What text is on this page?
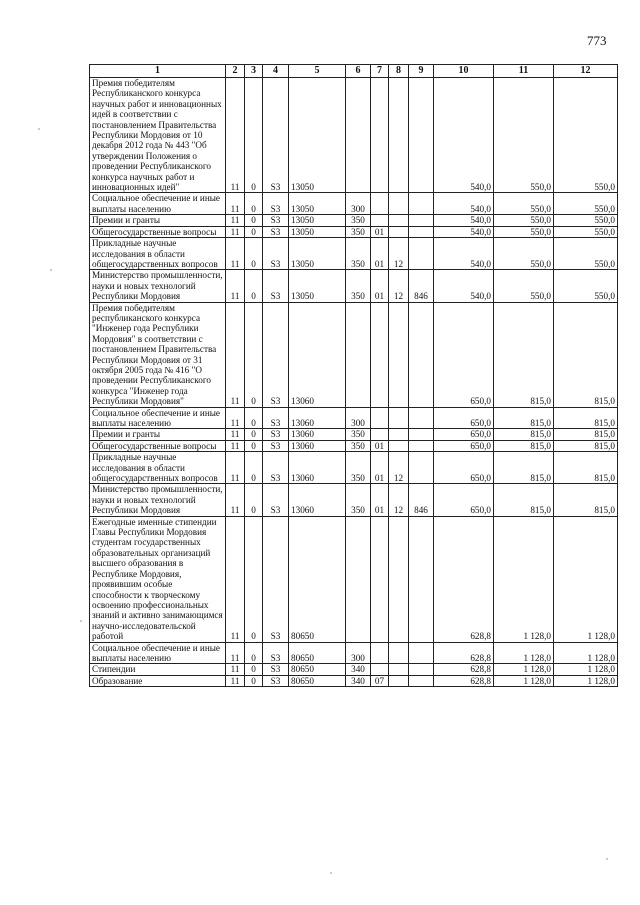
773
1	2	3	4	5	6	7	8	9	10	11	12
Премия победителям Республиканского конкурса научных работ и инновационных идей в соответствии с постановлением Правительства Республики Мордовия от 10 декабря 2012 года № 443 "Об утверждении Положения о проведении Республиканского конкурса научных работ и инновационных идей"	11	0	S3	13050					540,0	550,0	550,0
Социальное обеспечение и иные выплаты населению	11	0	S3	13050	300				540,0	550,0	550,0
Премии и гранты	11	0	S3	13050	350				540,0	550,0	550,0
Общегосударственные вопросы	11	0	S3	13050	350	01			540,0	550,0	550,0
Прикладные научные исследования в области общегосударственных вопросов	11	0	S3	13050	350	01	12		540,0	550,0	550,0
Министерство промышленности, науки и новых технологий Республики Мордовия	11	0	S3	13050	350	01	12	846	540,0	550,0	550,0
Премия победителям республиканского конкурса "Инженер года Республики Мордовия" в соответствии с постановлением Правительства Республики Мордовия от 31 октября 2005 года № 416 "О проведении Республиканского конкурса "Инженер года Республики Мордовия"	11	0	S3	13060					650,0	815,0	815,0
Социальное обеспечение и иные выплаты населению	11	0	S3	13060	300				650,0	815,0	815,0
Премии и гранты	11	0	S3	13060	350				650,0	815,0	815,0
Общегосударственные вопросы	11	0	S3	13060	350	01			650,0	815,0	815,0
Прикладные научные исследования в области общегосударственных вопросов	11	0	S3	13060	350	01	12		650,0	815,0	815,0
Министерство промышленности, науки и новых технологий Республики Мордовия	11	0	S3	13060	350	01	12	846	650,0	815,0	815,0
Ежегодные именные стипендии Главы Республики Мордовия студентам государственных образовательных организаций высшего образования в Республике Мордовия, проявившим особые способности к творческому освоению профессиональных знаний и активно занимающимся научно-исследовательской работой	11	0	S3	80650					628,8	1 128,0	1 128,0
Социальное обеспечение и иные выплаты населению	11	0	S3	80650	300				628,8	1 128,0	1 128,0
Стипендии	11	0	S3	80650	340				628,8	1 128,0	1 128,0
Образование	11	0	S3	80650	340	07			628,8	1 128,0	1 128,0
